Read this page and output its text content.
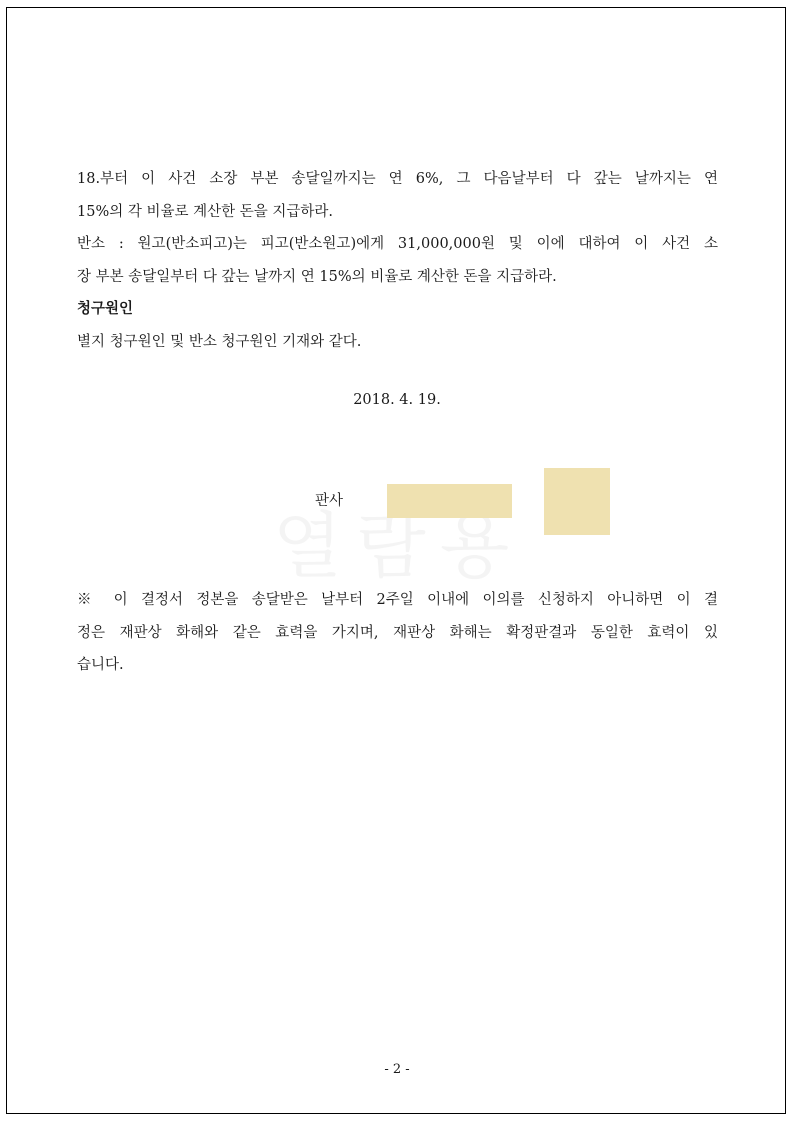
18.부터 이 사건 소장 부본 송달일까지는 연 6%, 그 다음날부터 다 갚는 날까지는 연
15%의 각 비율로 계산한 돈을 지급하라.
반소 : 원고(반소피고)는 피고(반소원고)에게 31,000,000원 및 이에 대하여 이 사건 소
장 부본 송달일부터 다 갚는 날까지 연 15%의 비율로 계산한 돈을 지급하라.
청구원인
별지 청구원인 및 반소 청구원인 기재와 같다.
2018. 4. 19.
판사
※ 이 결정서 정본을 송달받은 날부터 2주일 이내에 이의를 신청하지 아니하면 이 결
정은 재판상 화해와 같은 효력을 가지며, 재판상 화해는 확정판결과 동일한 효력이 있
습니다.
- 2 -
